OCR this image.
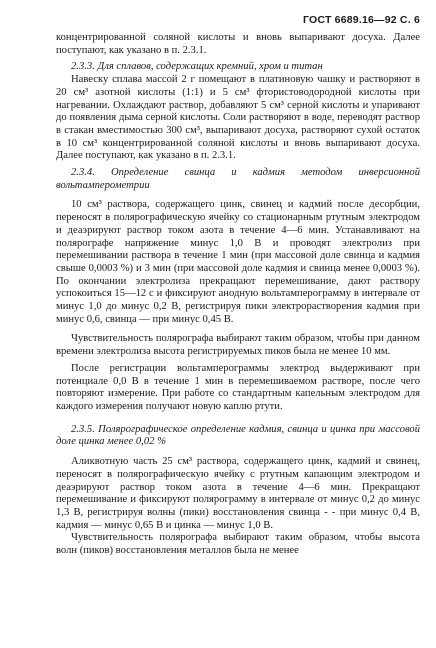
ГОСТ 6689.16—92 С. 6

концентрированной соляной кислоты и вновь выпаривают досуха. Далее поступают, как указано в п. 2.3.1.

2.3.3. Для сплавов, содержащих кремний, хром и титан

Навеску сплава массой 2 г помещают в платиновую чашку и растворяют в 20 см³ азотной кислоты (1:1) и 5 см³ фтористоводородной кислоты при нагревании. Охлаждают раствор, добавляют 5 см³ серной кислоты и упаривают до появления дыма серной кислоты. Соли растворяют в воде, переводят раствор в стакан вместимостью 300 см³, выпаривают досуха, растворяют сухой остаток в 10 см³ концентрированной соляной кислоты и вновь выпаривают досуха. Далее поступают, как указано в п. 2.3.1.

2.3.4. Определение свинца и кадмия методом инверсионной вольтамперометрии

10 см³ раствора, содержащего цинк, свинец и кадмий после десорбции, переносят в полярографическую ячейку со стационарным ртутным электродом и деаэрируют раствор током азота в течение 4—6 мин. Устанавливают на полярографе напряжение минус 1,0 В и проводят электролиз при перемешивании раствора в течение 1 мин (при массовой доле свинца и кадмия свыше 0,0003 %) и 3 мин (при массовой доле кадмия и свинца менее 0,0003 %). По окончании электролиза прекращают перемешивание, дают раствору успокоиться 15—12 с и фиксируют анодную вольтамперограмму в интервале от минус 1,0 до минус 0,2 В, регистрируя пики электрорастворения кадмия при минус 0,6, свинца — при минус 0,45 В.

Чувствительность полярографа выбирают таким образом, чтобы при данном времени электролиза высота регистрируемых пиков была не менее 10 мм.

После регистрации вольтамперограммы электрод выдерживают при потенциале 0,0 В в течение 1 мин в перемешиваемом растворе, после чего повторяют измерение. При работе со стандартным капельным электродом для каждого измерения получают новую каплю ртути.

2.3.5. Полярографическое определение кадмия, свинца и цинка при массовой доле цинка менее 0,02 %

Аликвотную часть 25 см³ раствора, содержащего цинк, кадмий и свинец, переносят в полярографическую ячейку с ртутным капающим электродом и деаэрируют раствор током азота в течение 4—6 мин. Прекращают перемешивание и фиксируют полярограмму в интервале от минус 0,2 до минус 1,3 В, регистрируя волны (пики) восстановления свинца - - при минус 0,4 В, кадмия — минус 0,65 В и цинка — минус 1,0 В.

Чувствительность полярографа выбирают таким образом, чтобы высота волн (пиков) восстановления металлов была не менее
